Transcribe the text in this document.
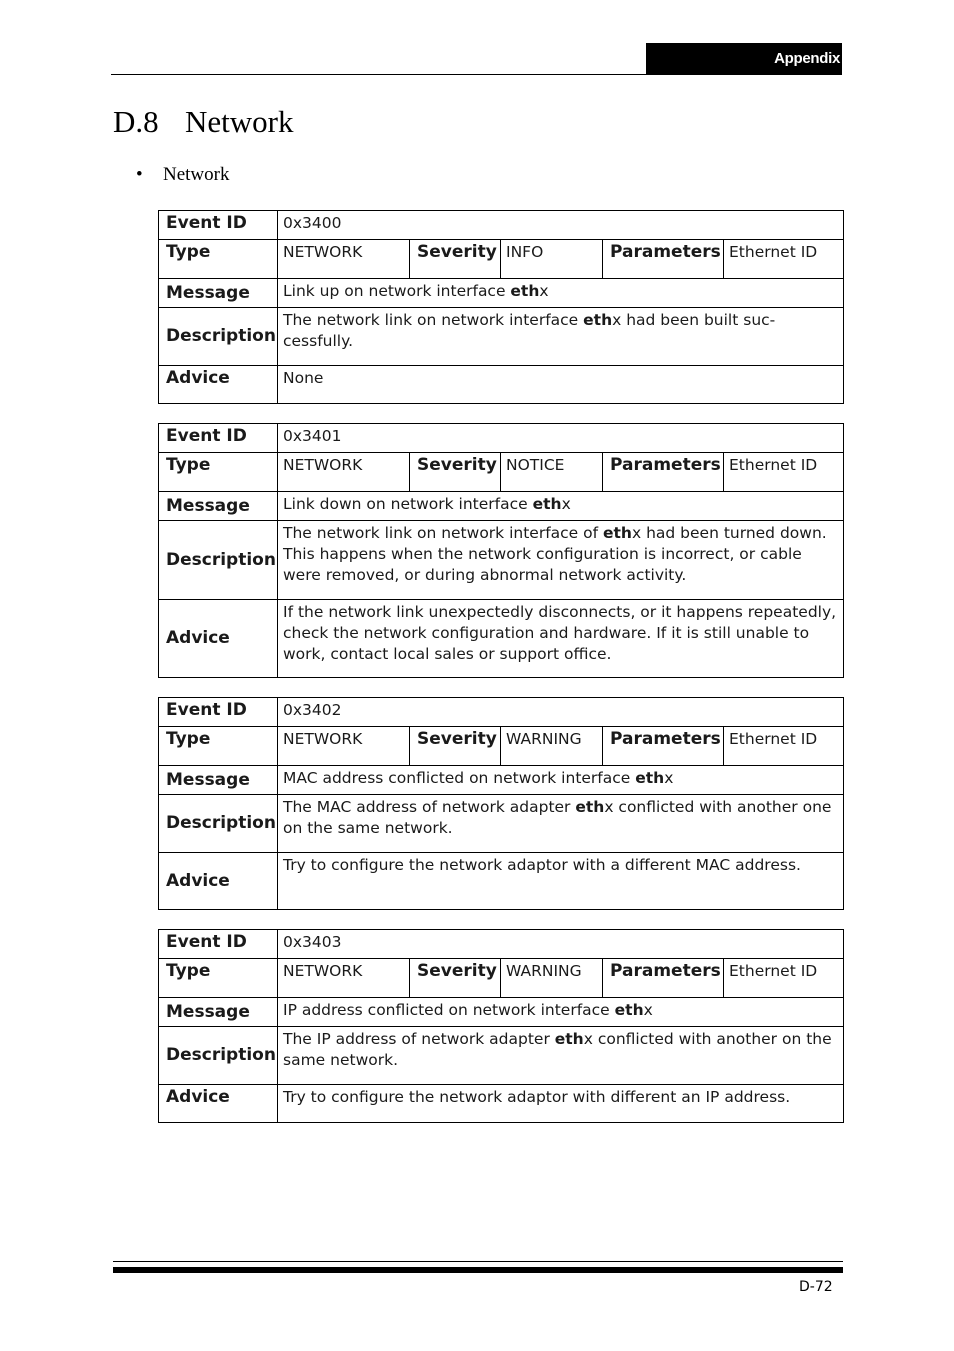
Appendix
D.8 Network
• Network
Event ID	0x3400				
Type	NETWORK	Severity	INFO	Parameters	Ethernet ID
Message	Link up on network interface ethx				
Description	The network link on network interface ethx had been built suc-cessfully.				
Advice	None				
Event ID	0x3401				
Type	NETWORK	Severity	NOTICE	Parameters	Ethernet ID
Message	Link down on network interface ethx				
Description	The network link on network interface of ethx had been turned down. This happens when the network configuration is incorrect, or cable were removed, or during abnormal network activity.				
Advice	If the network link unexpectedly disconnects, or it happens repeatedly, check the network configuration and hardware. If it is still unable to work, contact local sales or support office.				
Event ID	0x3402				
Type	NETWORK	Severity	WARNING	Parameters	Ethernet ID
Message	MAC address conflicted on network interface ethx				
Description	The MAC address of network adapter ethx conflicted with another one on the same network.				
Advice	Try to configure the network adaptor with a different MAC address.				
Event ID	0x3403				
Type	NETWORK	Severity	WARNING	Parameters	Ethernet ID
Message	IP address conflicted on network interface ethx				
Description	The IP address of network adapter ethx conflicted with another on the same network.				
Advice	Try to configure the network adaptor with different an IP address.				
D-72
